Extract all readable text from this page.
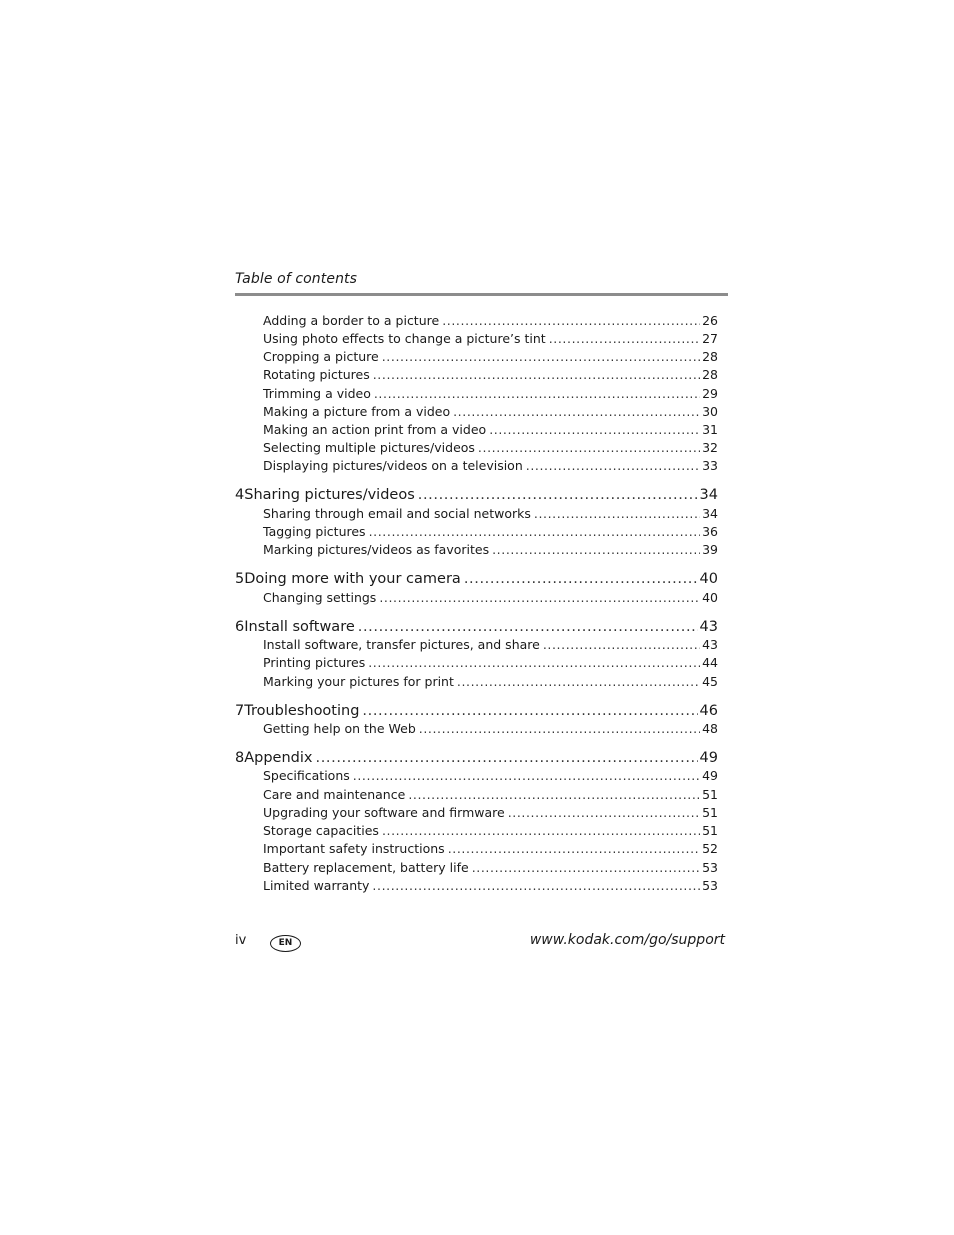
Table of contents
Adding a border to a picture .....	26
Using photo effects to change a picture’s tint .....	27
Cropping a picture .....	28
Rotating pictures .....	28
Trimming a video .....	29
Making a picture from a video .....	30
Making an action print from a video .....	31
Selecting multiple pictures/videos .....	32
Displaying pictures/videos on a television .....	33
4 Sharing pictures/videos .....	34
Sharing through email and social networks .....	34
Tagging pictures .....	36
Marking pictures/videos as favorites .....	39
5 Doing more with your camera .....	40
Changing settings .....	40
6 Install software .....	43
Install software, transfer pictures, and share .....	43
Printing pictures .....	44
Marking your pictures for print .....	45
7 Troubleshooting .....	46
Getting help on the Web .....	48
8 Appendix .....	49
Specifications .....	49
Care and maintenance .....	51
Upgrading your software and firmware .....	51
Storage capacities .....	51
Important safety instructions .....	52
Battery replacement, battery life .....	53
Limited warranty .....	53
iv	EN	www.kodak.com/go/support
